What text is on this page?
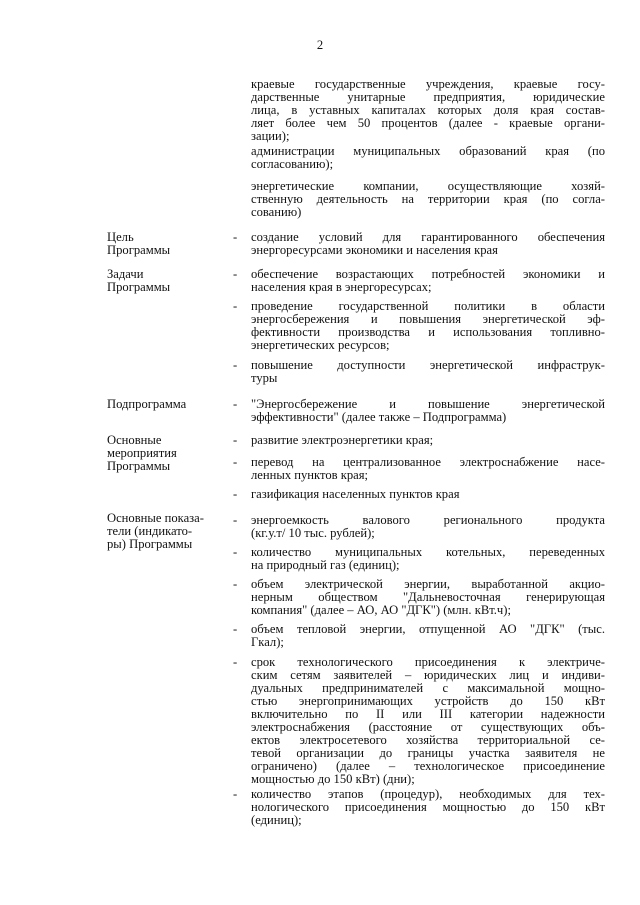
2
краевые государственные учреждения, краевые госу-
дарственные унитарные предприятия, юридические
лица, в уставных капиталах которых доля края состав-
ляет более чем 50 процентов (далее - краевые органи-
зации);
администрации муниципальных образований края (по
согласованию);
энергетические компании, осуществляющие хозяй-
ственную деятельность на территории края (по согла-
сованию)
Цель
Программы
- создание условий для гарантированного обеспечения
энергоресурсами экономики и населения края
Задачи
Программы
- обеспечение возрастающих потребностей экономики и
населения края в энергоресурсах;
- проведение государственной политики в области
энергосбережения и повышения энергетической эф-
фективности производства и использования топливно-
энергетических ресурсов;
- повышение доступности энергетической инфраструк-
туры
Подпрограмма	- "Энергосбережение и повышение энергетической
эффективности" (далее также – Подпрограмма)
Основные
мероприятия
Программы
- развитие электроэнергетики края;
- перевод на централизованное электроснабжение насе-
ленных пунктов края;
- газификация населенных пунктов края
Основные показа-
тели (индикато-
ры) Программы
- энергоемкость валового регионального продукта
(кг.у.т/ 10 тыс. рублей);
- количество муниципальных котельных, переведенных
на природный газ (единиц);
- объем электрической энергии, выработанной акцио-
нерным обществом "Дальневосточная генерирующая
компания" (далее – АО, АО "ДГК") (млн. кВт.ч);
- объем тепловой энергии, отпущенной АО "ДГК" (тыс.
Гкал);
- срок технологического присоединения к электриче-
ским сетям заявителей – юридических лиц и индиви-
дуальных предпринимателей с максимальной мощно-
стью энергопринимающих устройств до 150 кВт
включительно по II или III категории надежности
электроснабжения (расстояние от существующих объ-
ектов электросетевого хозяйства территориальной се-
тевой организации до границы участка заявителя не
ограничено) (далее – технологическое присоединение
мощностью до 150 кВт) (дни);
- количество этапов (процедур), необходимых для тех-
нологического присоединения мощностью до 150 кВт
(единиц);
